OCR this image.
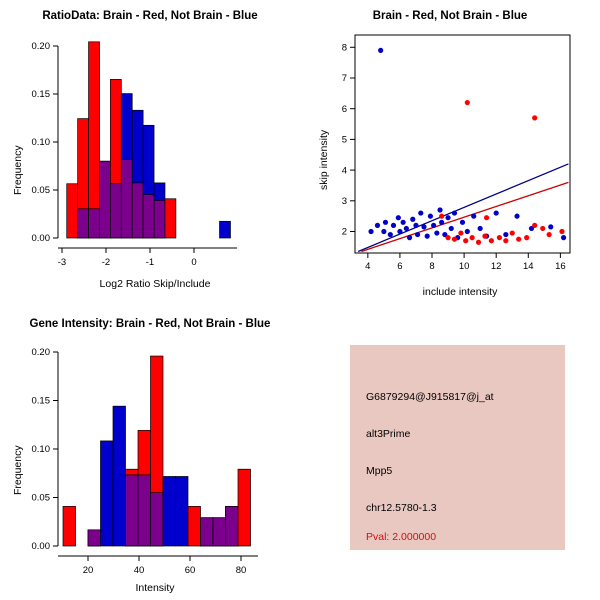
RatioData: Brain - Red, Not Brain - Blue
Frequency
Log2 Ratio Skip/Include
0.00
0.05
0.10
0.15
0.20
-3	-2	-1	0
Brain - Red, Not Brain - Blue
skip intensity
include intensity
4	6	8	10 12 14 16
2
3
4
5
6
7
8
Gene Intensity: Brain - Red, Not Brain - Blue
Frequency
Intensity
0.00
0.05
0.10
0.15
0.20
20	40	60	80
G6879294@J915817@j_at
alt3Prime
Mpp5
chr12.5780-1.3
Pval: 2.000000
